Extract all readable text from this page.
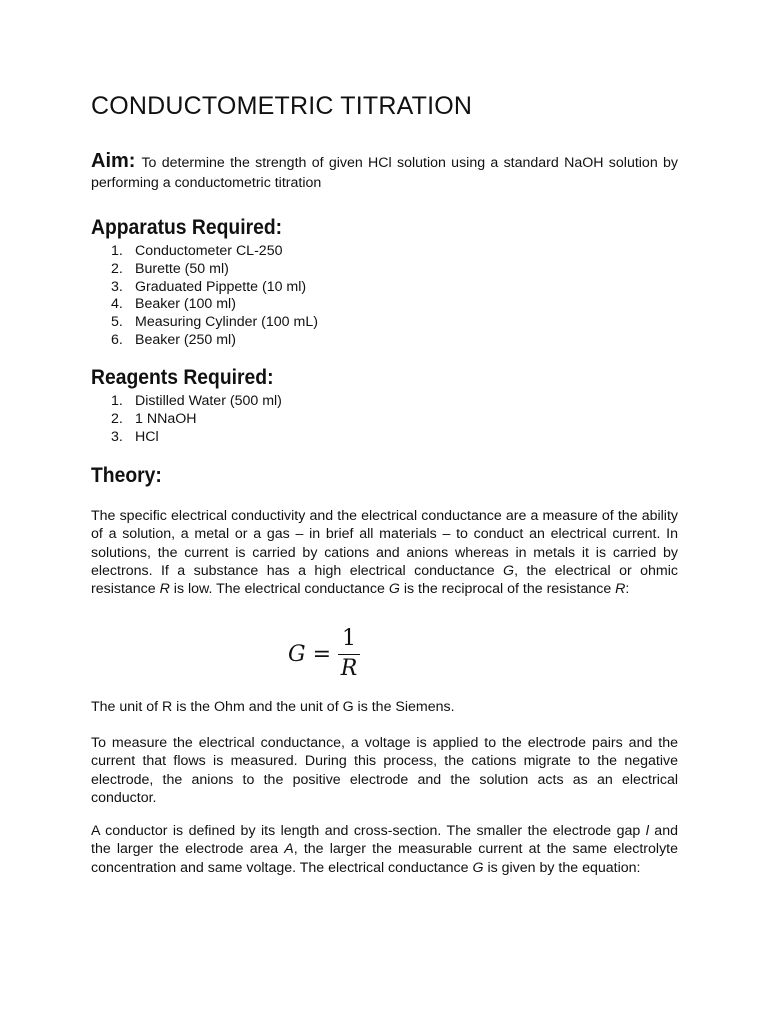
CONDUCTOMETRIC TITRATION

Aim: To determine the strength of given HCl solution using a standard NaOH solution by performing a conductometric titration

Apparatus Required:
1. Conductometer CL-250
2. Burette (50 ml)
3. Graduated Pippette (10 ml)
4. Beaker (100 ml)
5. Measuring Cylinder (100 mL)
6. Beaker (250 ml)
Reagents Required:
1. Distilled Water (500 ml)
2. 1 NNaOH
3. HCl
Theory:

The specific electrical conductivity and the electrical conductance are a measure of the ability of a solution, a metal or a gas – in brief all materials – to conduct an electrical current. In solutions, the current is carried by cations and anions whereas in metals it is carried by electrons. If a substance has a high electrical conductance G, the electrical or ohmic resistance R is low. The electrical conductance G is the reciprocal of the resistance R:

G =
1
R

The unit of R is the Ohm and the unit of G is the Siemens.

To measure the electrical conductance, a voltage is applied to the electrode pairs and the current that flows is measured. During this process, the cations migrate to the negative electrode, the anions to the positive electrode and the solution acts as an electrical conductor.

A conductor is defined by its length and cross-section. The smaller the electrode gap l and the larger the electrode area A, the larger the measurable current at the same electrolyte concentration and same voltage. The electrical conductance G is given by the equation:
